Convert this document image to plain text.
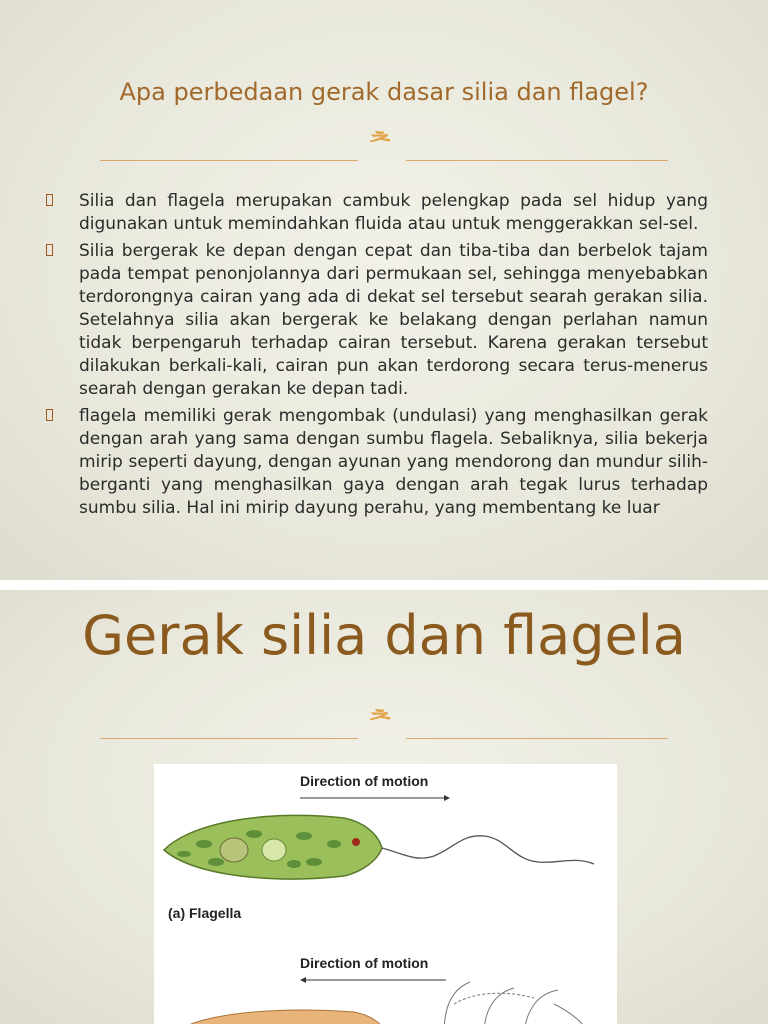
Apa perbedaan gerak dasar silia dan flagel?
ᄎ
Silia dan flagela merupakan cambuk pelengkap pada sel hidup yang digunakan untuk memindahkan fluida atau untuk menggerakkan sel-sel.
Silia bergerak ke depan dengan cepat dan tiba-tiba dan berbelok tajam pada tempat penonjolannya dari permukaan sel, sehingga menyebabkan terdorongnya cairan yang ada di dekat sel tersebut searah gerakan silia. Setelahnya silia akan bergerak ke belakang dengan perlahan namun tidak berpengaruh terhadap cairan tersebut. Karena gerakan tersebut dilakukan berkali-kali, cairan pun akan terdorong secara terus-menerus searah dengan gerakan ke depan tadi.
flagela memiliki gerak mengombak (undulasi) yang menghasilkan gerak dengan arah yang sama dengan sumbu flagela. Sebaliknya, silia bekerja mirip seperti dayung, dengan ayunan yang mendorong dan mundur silih-berganti yang menghasilkan gaya dengan arah tegak lurus terhadap sumbu silia. Hal ini mirip dayung perahu, yang membentang ke luar
Gerak silia dan flagela
ᄎ
Direction of motion
(a) Flagella
Direction of motion
